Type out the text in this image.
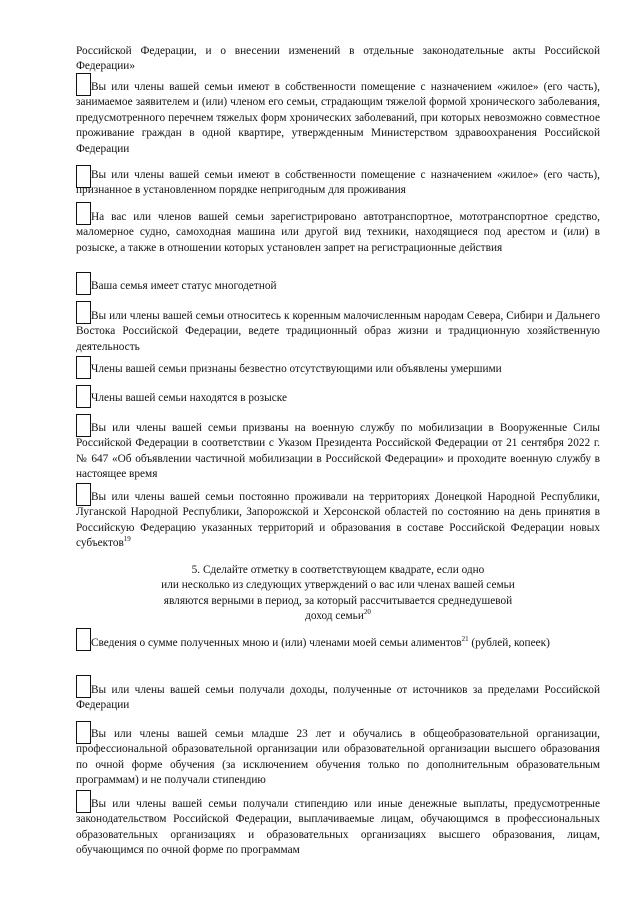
Российской Федерации, и о внесении изменений в отдельные законодательные акты Российской Федерации»

Вы или члены вашей семьи имеют в собственности помещение с назначением «жилое» (его часть), занимаемое заявителем и (или) членом его семьи, страдающим тяжелой формой хронического заболевания, предусмотренного перечнем тяжелых форм хронических заболеваний, при которых невозможно совместное проживание граждан в одной квартире, утвержденным Министерством здравоохранения Российской Федерации

Вы или члены вашей семьи имеют в собственности помещение с назначением «жилое» (его часть), признанное в установленном порядке непригодным для проживания

На вас или членов вашей семьи зарегистрировано автотранспортное, мототранспортное средство, маломерное судно, самоходная машина или другой вид техники, находящиеся под арестом и (или) в розыске, а также в отношении которых установлен запрет на регистрационные действия

Ваша семья имеет статус многодетной

Вы или члены вашей семьи относитесь к коренным малочисленным народам Севера, Сибири и Дальнего Востока Российской Федерации, ведете традиционный образ жизни и традиционную хозяйственную деятельность

Члены вашей семьи признаны безвестно отсутствующими или объявлены умершими

Члены вашей семьи находятся в розыске

Вы или члены вашей семьи призваны на военную службу по мобилизации в Вооруженные Силы Российской Федерации в соответствии с Указом Президента Российской Федерации от 21 сентября 2022 г. № 647 «Об объявлении частичной мобилизации в Российской Федерации» и проходите военную службу в настоящее время

Вы или члены вашей семьи постоянно проживали на территориях Донецкой Народной Республики, Луганской Народной Республики, Запорожской и Херсонской областей по состоянию на день принятия в Российскую Федерацию указанных территорий и образования в составе Российской Федерации новых субъектов$^{19}$

5. Сделайте отметку в соответствующем квадрате, если одно
или несколько из следующих утверждений о вас или членах вашей семьи
являются верными в период, за который рассчитывается среднедушевой
доход семьи$^{20}$

Сведения о сумме полученных мною и (или) членами моей семьи алиментов$^{21}$ (рублей, копеек)

Вы или члены вашей семьи получали доходы, полученные от источников за пределами Российской Федерации

Вы или члены вашей семьи младше 23 лет и обучались в общеобразовательной организации, профессиональной образовательной организации или образовательной организации высшего образования по очной форме обучения (за исключением обучения только по дополнительным образовательным программам) и не получали стипендию

Вы или члены вашей семьи получали стипендию или иные денежные выплаты, предусмотренные законодательством Российской Федерации, выплачиваемые лицам, обучающимся в профессиональных образовательных организациях и образовательных организациях высшего образования, лицам, обучающимся по очной форме по программам
